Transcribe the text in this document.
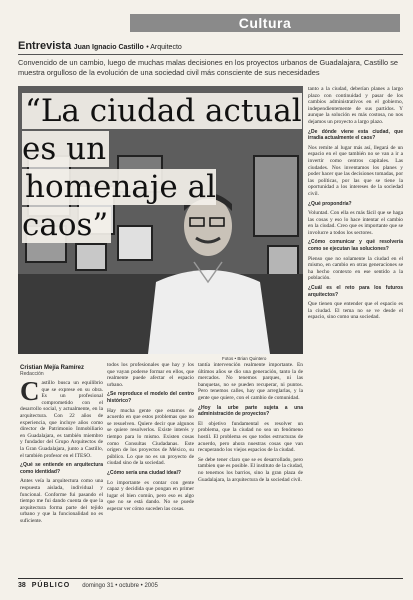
Cultura
Entrevista Juan Ignacio Castillo • Arquitecto
Convencido de un cambio, luego de muchas malas decisiones en los proyectos urbanos de Guadalajara, Castillo se muestra orgulloso de la evolución de una sociedad civil más consciente de sus necesidades
“La ciudad actual es un
homenaje al caos”
Fotos • Brian Quintero
Cristian Mejía Ramírez
Redacción

Castillo busca un equilibrio que se exprese en su obra. Es un profesional comprometido con el desarrollo social, y actualmente, en la arquitectura. Con 22 años de experiencia, que incluye años como director de Patrimonio Inmobiliario en Guadalajara, es también miembro y fundador del Grupo Arquitectos de la Gran Guadalajara, junto a Castillo, el también profesor en el ITESO.

¿Qué se entiende en arquitectura como identidad?

Antes veía la arquitectura como una respuesta aislada, individual y funcional. Conforme fui pasando el tiempo me fui dando cuenta de que la arquitectura forma parte del tejido urbano y que la funcionalidad no es suficiente.

todos los profesionales que hay y los que vayan poderse formar en ellos, que realmente puede afectar el espacio urbano.

¿Se reproduce el modelo del centro histórico?

Hay mucha gente que estamos de acuerdo en que estos problemas que no se resuelven. Quiere decir que algunos se quiere resolverlos. Existe interés y tiempo para lo mismo. Existen cosas como Consultas Ciudadanas. Este origen de los proyectos de México, su público. Lo que no es un proyecto de ciudad sino de la sociedad.

¿Cómo sería una ciudad ideal?

Lo importante es contar con gente capaz y decidida que pongan en primer lugar el bien común, pero eso es algo que no se está dando. No se puede esperar ver cómo suceden las cosas.

tantía intervención realmente importante. En últimos años se dio una generación, tanto la de mercados. No tenemos parques, ni las banquetas, no se pueden recuperar, ni puntos. Pero tenemos calles, hay que arreglarlas, y la gente que quiere, con el cambio de comunidad.

¿Hoy la urbe parte sujeta a una administración de proyectos?

El objetivo fundamental es resolver un problema, que la ciudad no sea un fenómeno hostil. El problema es que todos estructuras de acuerdo, pero ahora nuestras cosas que van recuperando los viejos espacios de la ciudad.

Se debe tener claro que se es desarrollado, pero tambien que es posible. El instituto de la ciudad, no tenemos los barrios, sino la gran plaza de Guadalajara, la arquitectura de la sociedad civil.

tanto a la ciudad, deberían planes a largo plazo con continuidad y pasar de los cambios administrativos en el gobierno, independientemente de sus partidos. Y aunque la solución es más costosa, no nos dejamos un proyecto a largo plazo.

¿De dónde viene esta ciudad, que irradia actualmente el caos?

Nos remite al lugar más así, llegará de un espacio en el que también no se van a ir a invertir como centros capitales. Las ciudades. Nos inventamos los planes y poder hacer que las decisiones tomadas, por las políticas, por las que se tiene la oportunidad a los intereses de la sociedad civil.

¿Qué propondría?

Voluntad. Con ella es más fácil que se haga las cosas y eso lo hace intentar el cambio en la ciudad. Creo que es importante que se involucre a todos los sectores.

¿Cómo comunicar y qué resolvería como se ejecutan las soluciones?

Pienso que no solamente la ciudad en el mismo, en cambio en otras generaciones se ha hecho contexto en ese sentido a la población.

¿Cuál es el reto para los futuros arquitectos?

Que tienen que entender que el espacio es la ciudad. El tema no se ve desde el espacio, sino como una sociedad.

38 PÚBLICO domingo 31 • octubre • 2005
